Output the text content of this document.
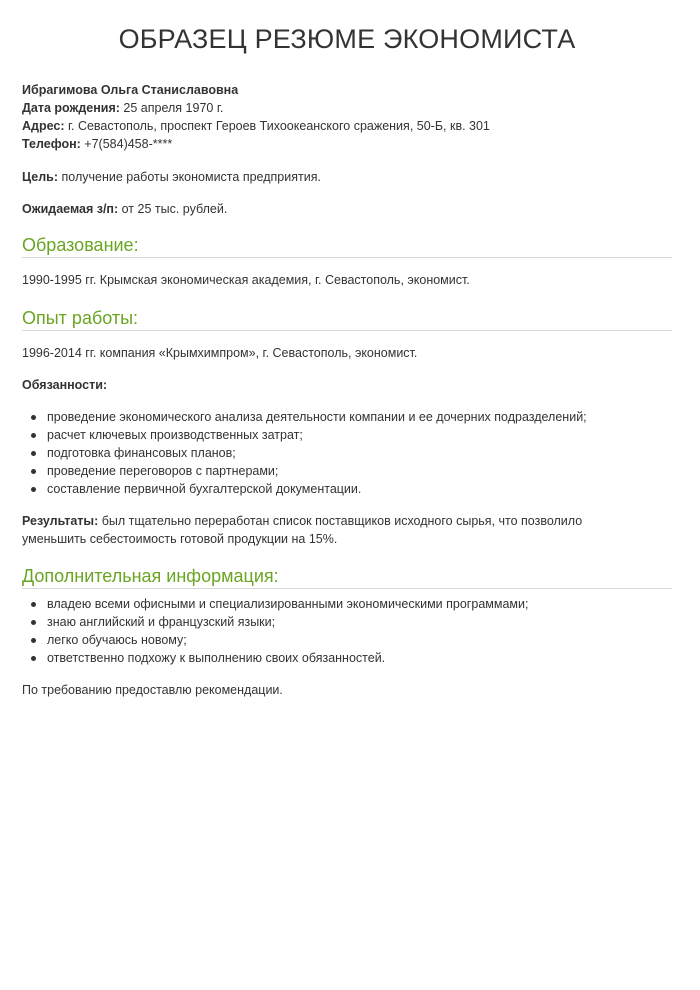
ОБРАЗЕЦ РЕЗЮМЕ ЭКОНОМИСТА

Ибрагимова Ольга Станиславовна

Дата рождения: 25 апреля 1970 г.

Адрес: г. Севастополь, проспект Героев Тихоокеанского сражения, 50-Б, кв. 301

Телефон: +7(584)458-****

Цель: получение работы экономиста предприятия.

Ожидаемая з/п: от 25 тыс. рублей.

Образование:

1990-1995 гг. Крымская экономическая академия, г. Севастополь, экономист.

Опыт работы:

1996-2014 гг. компания «Крымхимпром», г. Севастополь, экономист.

Обязанности:

проведение экономического анализа деятельности компании и ее дочерних подразделений;
расчет ключевых производственных затрат;
подготовка финансовых планов;
проведение переговоров с партнерами;
составление первичной бухгалтерской документации.

Результаты: был тщательно переработан список поставщиков исходного сырья, что позволило

уменьшить себестоимость готовой продукции на 15%.

Дополнительная информация:
владею всеми офисными и специализированными экономическими программами;
знаю английский и французский языки;
легко обучаюсь новому;
ответственно подхожу к выполнению своих обязанностей.

По требованию предоставлю рекомендации.
